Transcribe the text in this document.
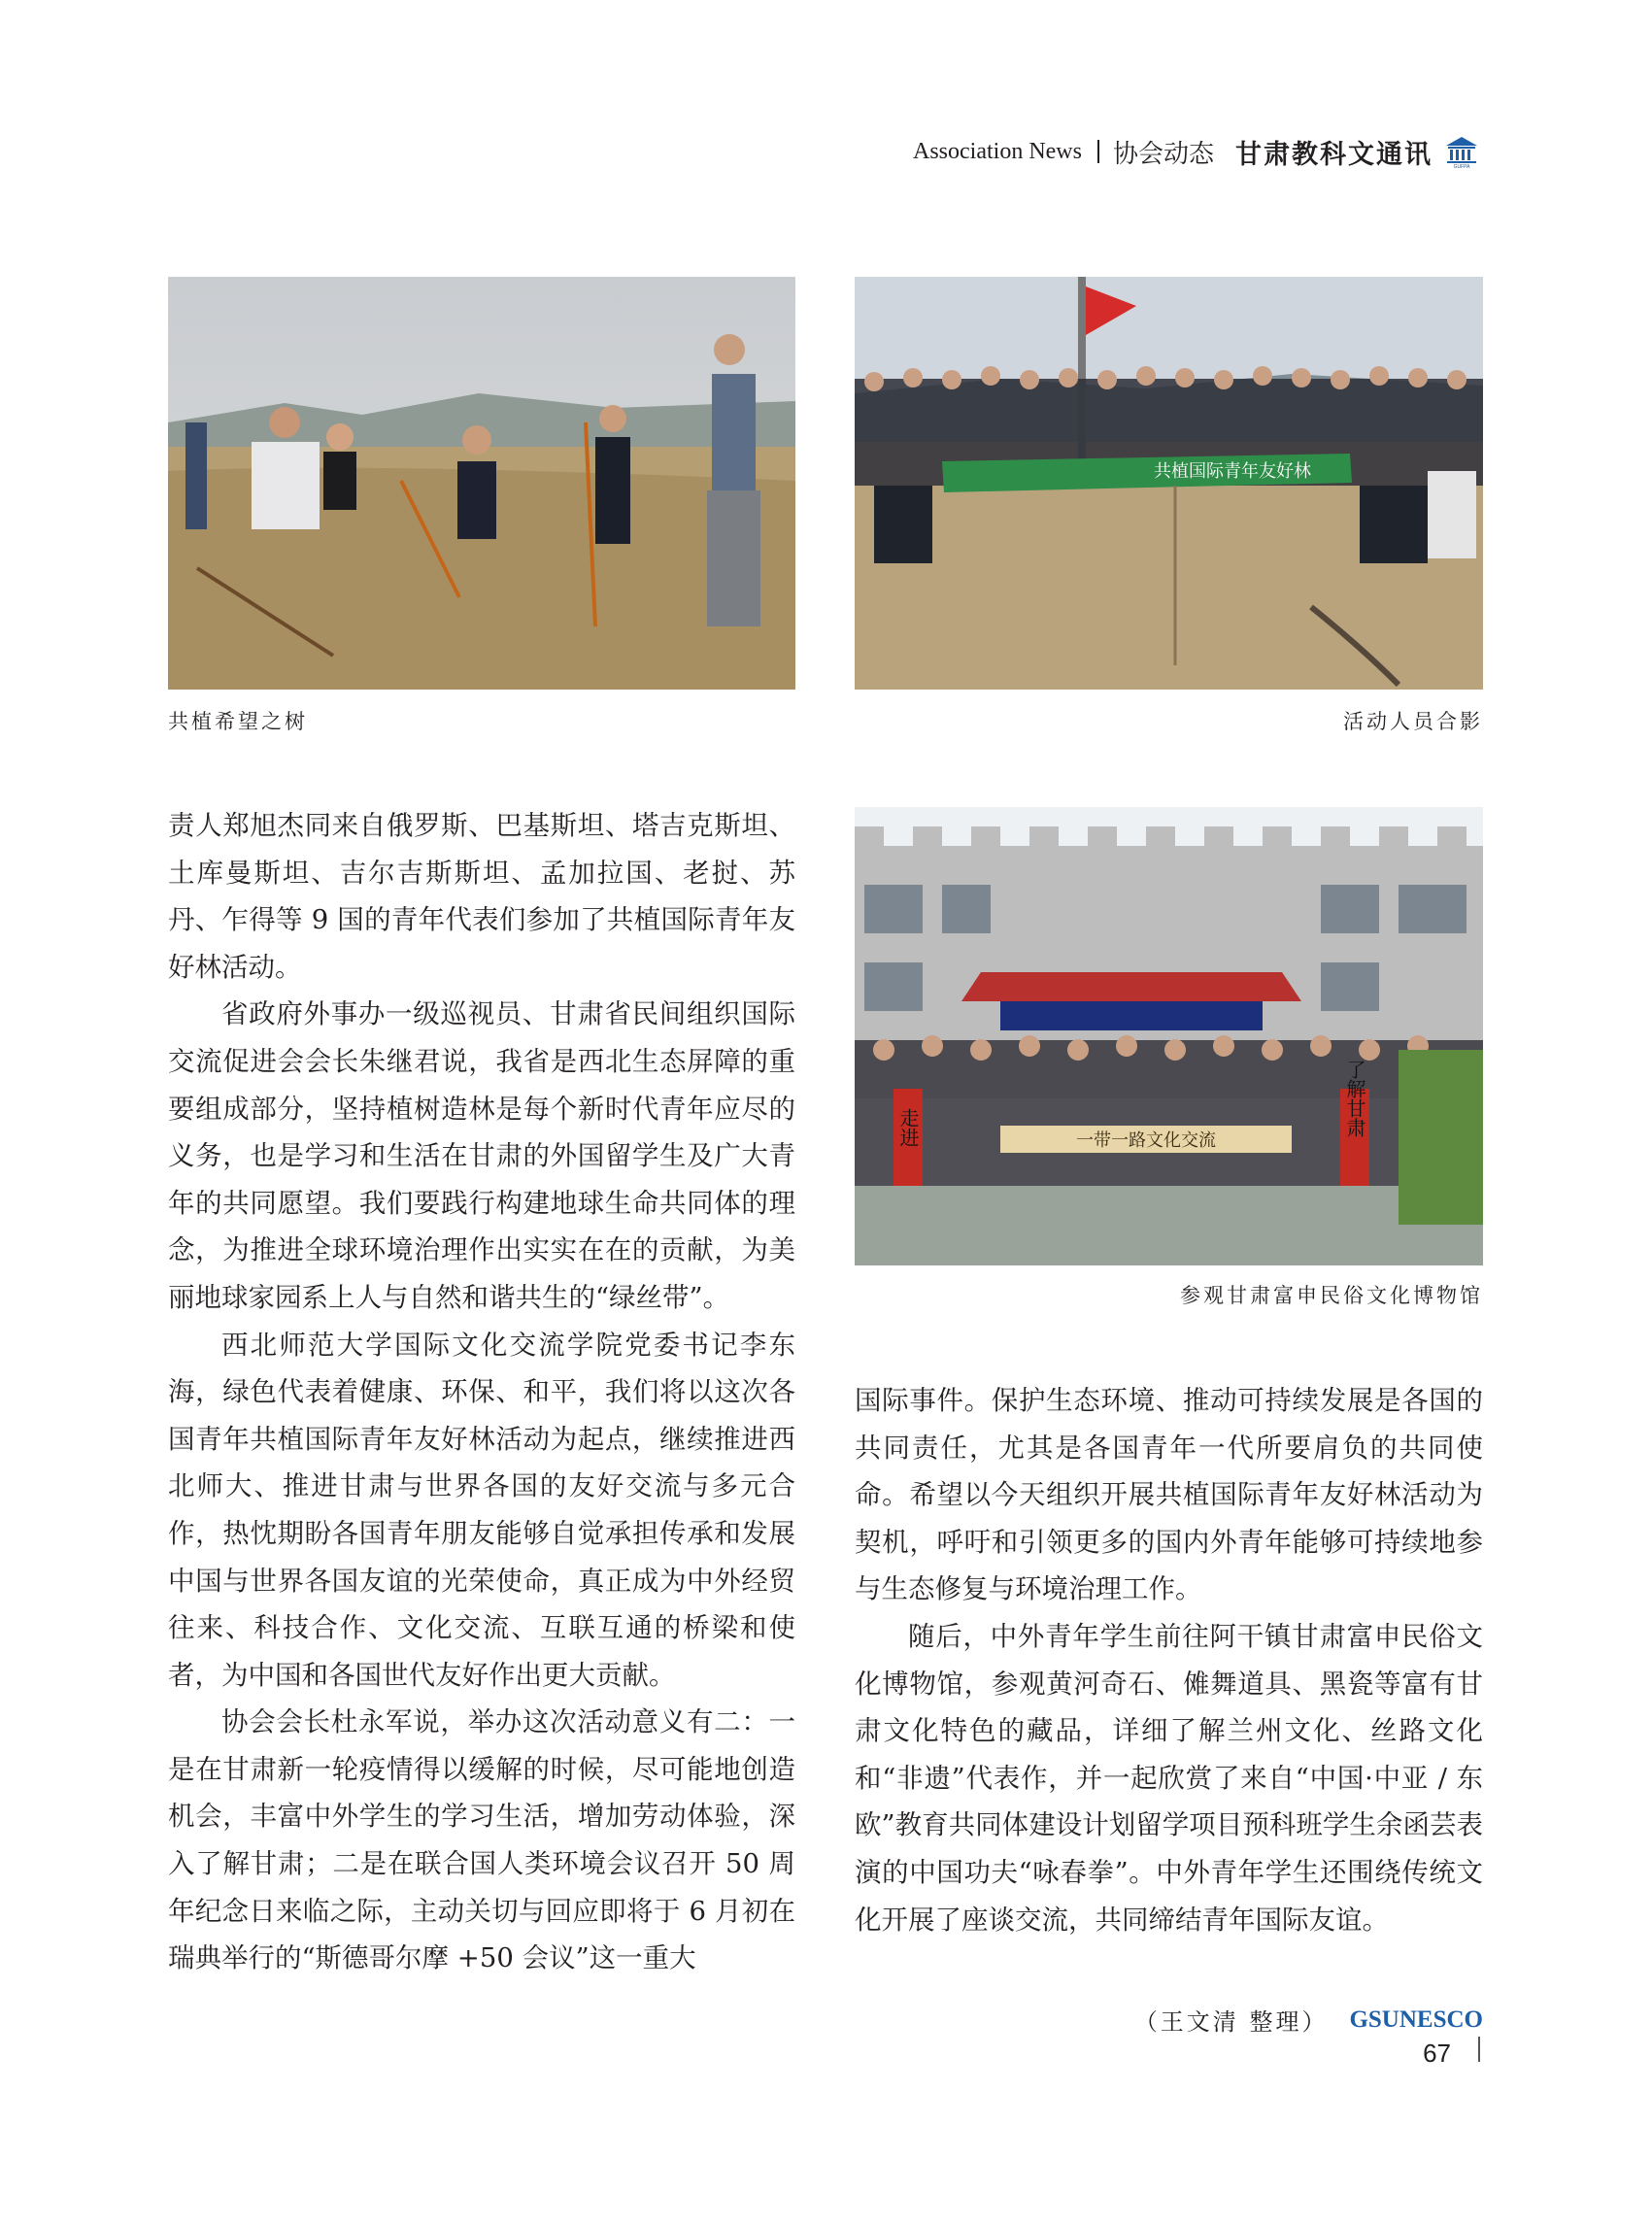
Association News 协会动态 甘肃教科文通讯	GUFPA
共植希望之树
共植国际青年友好林
活动人员合影
一带一路文化交流
走进	了解甘肃
参观甘肃富申民俗文化博物馆

责人郑旭杰同来自俄罗斯、巴基斯坦、塔吉克斯坦、土库曼斯坦、吉尔吉斯斯坦、孟加拉国、老挝、苏丹、乍得等 9 国的青年代表们参加了共植国际青年友好林活动。

省政府外事办一级巡视员、甘肃省民间组织国际交流促进会会长朱继君说，我省是西北生态屏障的重要组成部分，坚持植树造林是每个新时代青年应尽的义务，也是学习和生活在甘肃的外国留学生及广大青年的共同愿望。我们要践行构建地球生命共同体的理念，为推进全球环境治理作出实实在在的贡献，为美丽地球家园系上人与自然和谐共生的“绿丝带”。

西北师范大学国际文化交流学院党委书记李东海，绿色代表着健康、环保、和平，我们将以这次各国青年共植国际青年友好林活动为起点，继续推进西北师大、推进甘肃与世界各国的友好交流与多元合作，热忱期盼各国青年朋友能够自觉承担传承和发展中国与世界各国友谊的光荣使命，真正成为中外经贸往来、科技合作、文化交流、互联互通的桥梁和使者，为中国和各国世代友好作出更大贡献。

协会会长杜永军说，举办这次活动意义有二：一是在甘肃新一轮疫情得以缓解的时候，尽可能地创造机会，丰富中外学生的学习生活，增加劳动体验，深入了解甘肃；二是在联合国人类环境会议召开 50 周年纪念日来临之际，主动关切与回应即将于 6 月初在瑞典举行的“斯德哥尔摩 +50 会议”这一重大

国际事件。保护生态环境、推动可持续发展是各国的共同责任，尤其是各国青年一代所要肩负的共同使命。希望以今天组织开展共植国际青年友好林活动为契机，呼吁和引领更多的国内外青年能够可持续地参与生态修复与环境治理工作。

随后，中外青年学生前往阿干镇甘肃富申民俗文化博物馆，参观黄河奇石、傩舞道具、黑瓷等富有甘肃文化特色的藏品，详细了解兰州文化、丝路文化和“非遗”代表作，并一起欣赏了来自“中国·中亚 / 东欧”教育共同体建设计划留学项目预科班学生余函芸表演的中国功夫“咏春拳”。中外青年学生还围绕传统文化开展了座谈交流，共同缔结青年国际友谊。

（王文清 整理） GSUNESCO
67
